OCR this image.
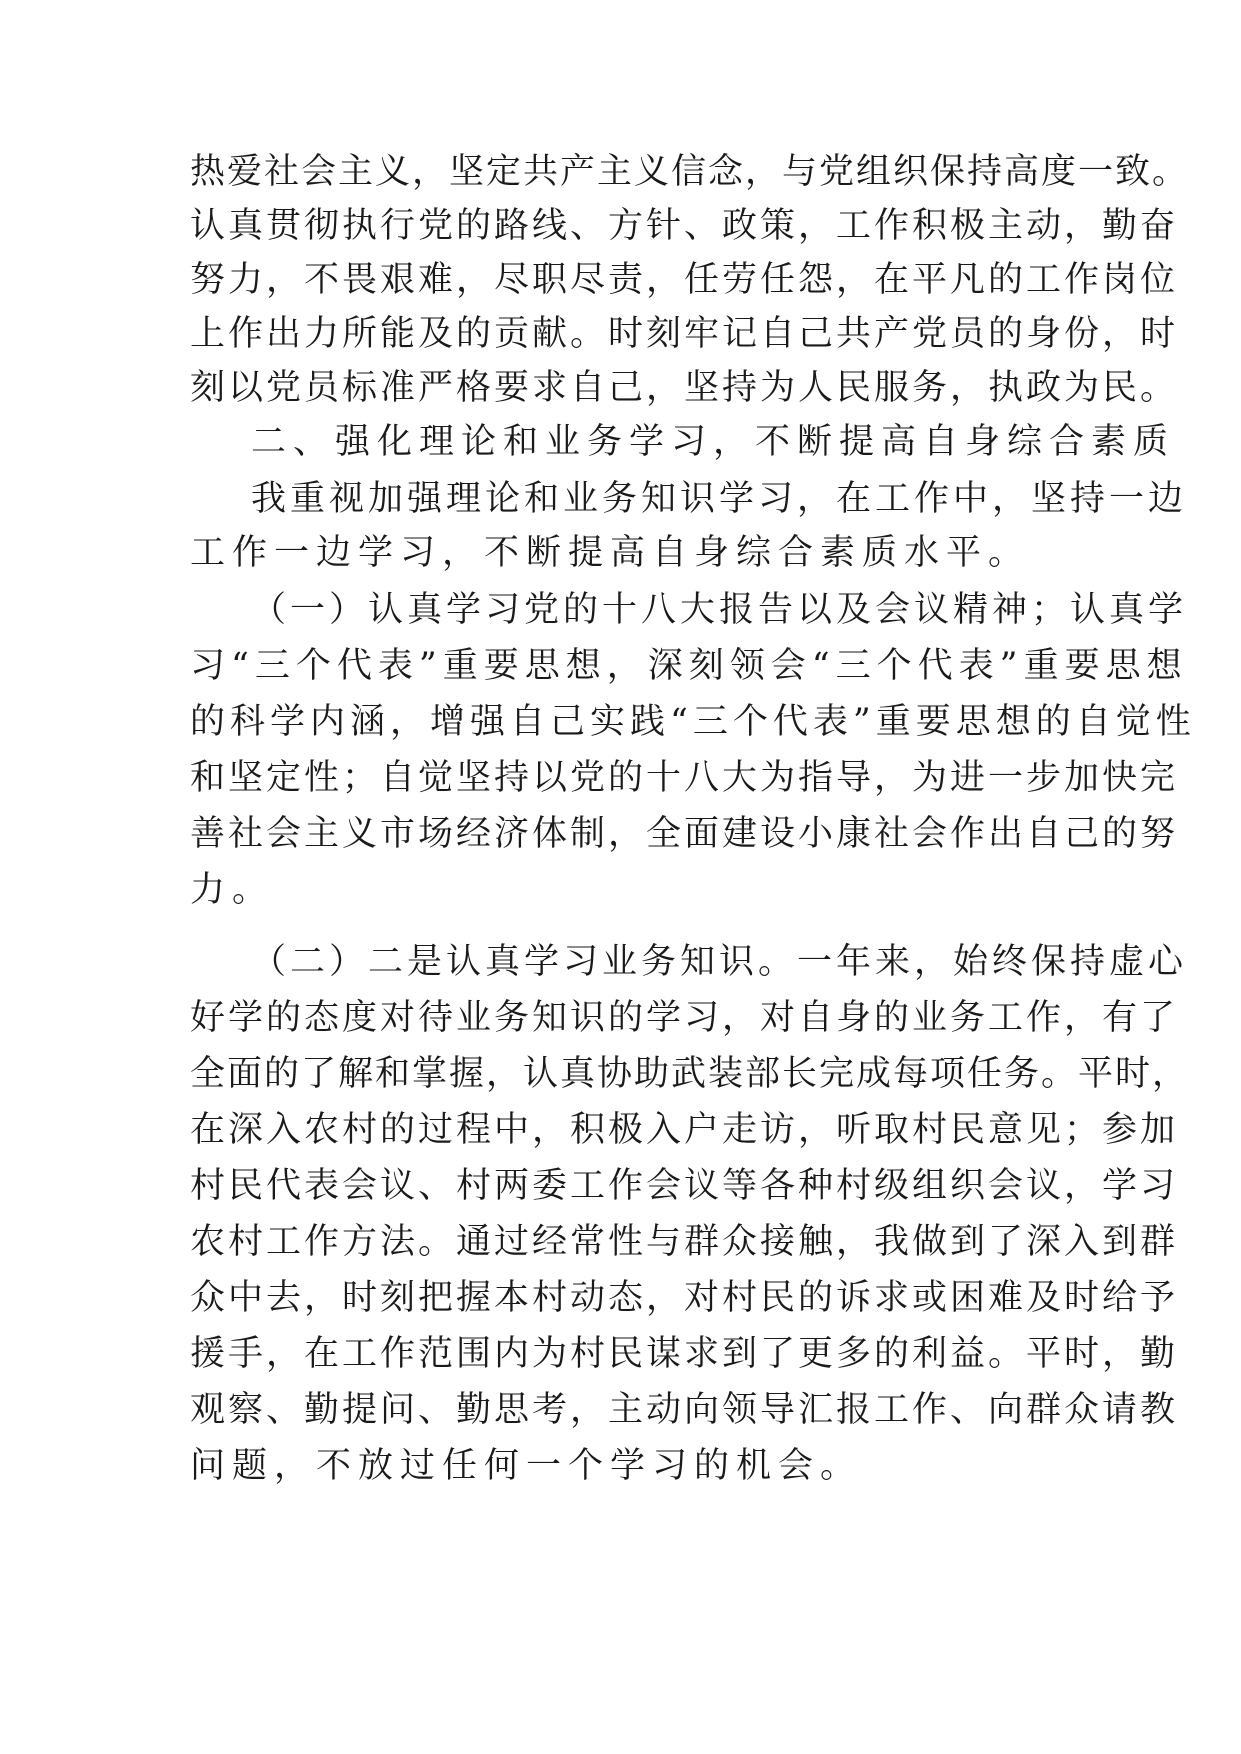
热爱社会主义，坚定共产主义信念，与党组织保持高度一致。
认真贯彻执行党的路线、方针、政策，工作积极主动，勤奋
努力，不畏艰难，尽职尽责，任劳任怨，在平凡的工作岗位
上作出力所能及的贡献。时刻牢记自己共产党员的身份，时
刻以党员标准严格要求自己，坚持为人民服务，执政为民。
二、强化理论和业务学习，不断提高自身综合素质
我重视加强理论和业务知识学习，在工作中，坚持一边
工作一边学习，不断提高自身综合素质水平。
（一）认真学习党的十八大报告以及会议精神；认真学
习“三个代表”重要思想，深刻领会“三个代表”重要思想
的科学内涵，增强自己实践“三个代表”重要思想的自觉性
和坚定性；自觉坚持以党的十八大为指导，为进一步加快完
善社会主义市场经济体制，全面建设小康社会作出自己的努
力。
（二）二是认真学习业务知识。一年来，始终保持虚心
好学的态度对待业务知识的学习，对自身的业务工作，有了
全面的了解和掌握，认真协助武装部长完成每项任务。平时，
在深入农村的过程中，积极入户走访，听取村民意见；参加
村民代表会议、村两委工作会议等各种村级组织会议，学习
农村工作方法。通过经常性与群众接触，我做到了深入到群
众中去，时刻把握本村动态，对村民的诉求或困难及时给予
援手，在工作范围内为村民谋求到了更多的利益。平时，勤
观察、勤提问、勤思考，主动向领导汇报工作、向群众请教
问题，不放过任何一个学习的机会。
